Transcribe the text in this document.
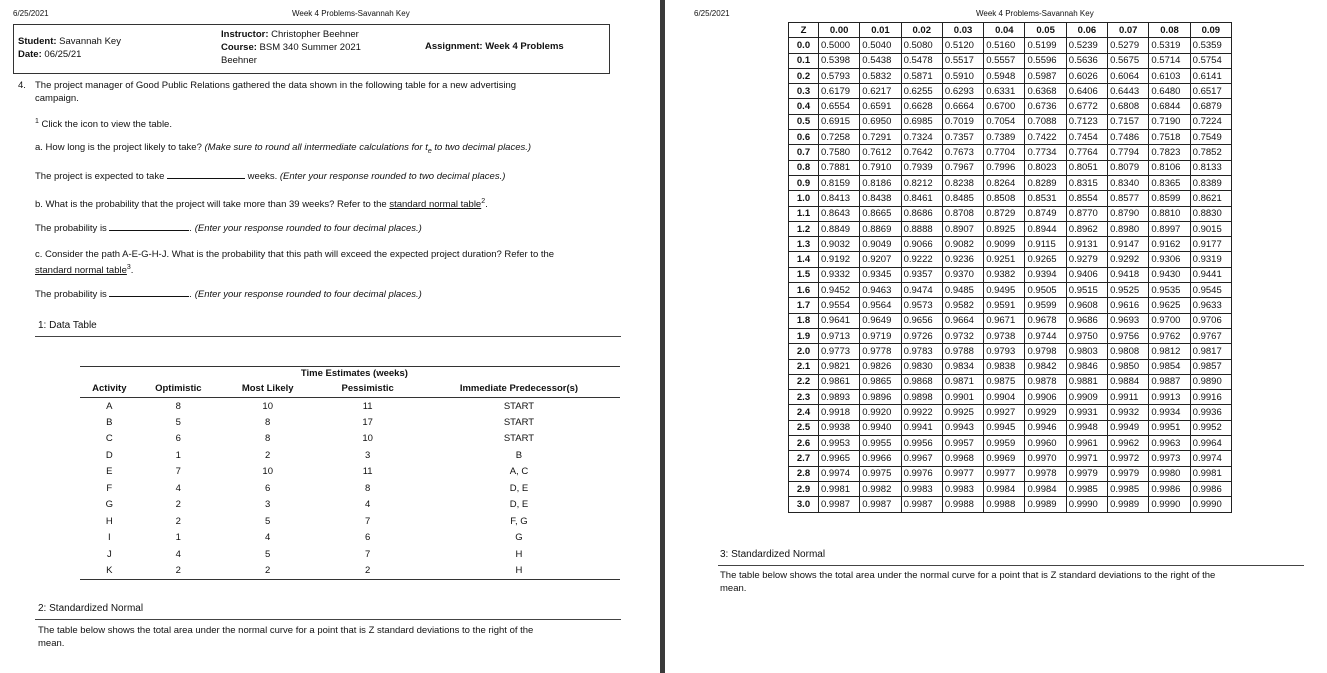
6/25/2021	Week 4 Problems-Savannah Key
Student: Savannah Key
Date: 06/25/21
Instructor: Christopher Beehner
Course: BSM 340 Summer 2021
Beehner
Assignment: Week 4 Problems
4. The project manager of Good Public Relations gathered the data shown in the following table for a new advertising
campaign.
$^1$ Click the icon to view the table.
a. How long is the project likely to take? (Make sure to round all intermediate calculations for $t_e$ to two decimal places.)
The project is expected to take	weeks. (Enter your response rounded to two decimal places.)
b. What is the probability that the project will take more than 39 weeks? Refer to the standard normal table$^2$.
The probability is	. (Enter your response rounded to four decimal places.)
c. Consider the path A-E-G-H-J. What is the probability that this path will exceed the expected project duration? Refer to the
standard normal table$^3$.
The probability is	. (Enter your response rounded to four decimal places.)
1: Data Table
		Time Estimates (weeks)		
Activity	Optimistic	Most Likely	Pessimistic	Immediate Predecessor(s)
A	8	10	11	START
B	5	8	17	START
C	6	8	10	START
D	1	2	3	B
E	7	10	11	A, C
F	4	6	8	D, E
G	2	3	4	D, E
H	2	5	7	F, G
I	1	4	6	G
J	4	5	7	H
K	2	2	2	H
2: Standardized Normal
The table below shows the total area under the normal curve for a point that is Z standard deviations to the right of the
mean.
6/25/2021	Week 4 Problems-Savannah Key
Z	0.00	0.01	0.02	0.03	0.04	0.05	0.06	0.07	0.08	0.09
0.0	0.5000	0.5040	0.5080	0.5120	0.5160	0.5199	0.5239	0.5279	0.5319	0.5359
0.1	0.5398	0.5438	0.5478	0.5517	0.5557	0.5596	0.5636	0.5675	0.5714	0.5754
0.2	0.5793	0.5832	0.5871	0.5910	0.5948	0.5987	0.6026	0.6064	0.6103	0.6141
0.3	0.6179	0.6217	0.6255	0.6293	0.6331	0.6368	0.6406	0.6443	0.6480	0.6517
0.4	0.6554	0.6591	0.6628	0.6664	0.6700	0.6736	0.6772	0.6808	0.6844	0.6879
0.5	0.6915	0.6950	0.6985	0.7019	0.7054	0.7088	0.7123	0.7157	0.7190	0.7224
0.6	0.7258	0.7291	0.7324	0.7357	0.7389	0.7422	0.7454	0.7486	0.7518	0.7549
0.7	0.7580	0.7612	0.7642	0.7673	0.7704	0.7734	0.7764	0.7794	0.7823	0.7852
0.8	0.7881	0.7910	0.7939	0.7967	0.7996	0.8023	0.8051	0.8079	0.8106	0.8133
0.9	0.8159	0.8186	0.8212	0.8238	0.8264	0.8289	0.8315	0.8340	0.8365	0.8389
1.0	0.8413	0.8438	0.8461	0.8485	0.8508	0.8531	0.8554	0.8577	0.8599	0.8621
1.1	0.8643	0.8665	0.8686	0.8708	0.8729	0.8749	0.8770	0.8790	0.8810	0.8830
1.2	0.8849	0.8869	0.8888	0.8907	0.8925	0.8944	0.8962	0.8980	0.8997	0.9015
1.3	0.9032	0.9049	0.9066	0.9082	0.9099	0.9115	0.9131	0.9147	0.9162	0.9177
1.4	0.9192	0.9207	0.9222	0.9236	0.9251	0.9265	0.9279	0.9292	0.9306	0.9319
1.5	0.9332	0.9345	0.9357	0.9370	0.9382	0.9394	0.9406	0.9418	0.9430	0.9441
1.6	0.9452	0.9463	0.9474	0.9485	0.9495	0.9505	0.9515	0.9525	0.9535	0.9545
1.7	0.9554	0.9564	0.9573	0.9582	0.9591	0.9599	0.9608	0.9616	0.9625	0.9633
1.8	0.9641	0.9649	0.9656	0.9664	0.9671	0.9678	0.9686	0.9693	0.9700	0.9706
1.9	0.9713	0.9719	0.9726	0.9732	0.9738	0.9744	0.9750	0.9756	0.9762	0.9767
2.0	0.9773	0.9778	0.9783	0.9788	0.9793	0.9798	0.9803	0.9808	0.9812	0.9817
2.1	0.9821	0.9826	0.9830	0.9834	0.9838	0.9842	0.9846	0.9850	0.9854	0.9857
2.2	0.9861	0.9865	0.9868	0.9871	0.9875	0.9878	0.9881	0.9884	0.9887	0.9890
2.3	0.9893	0.9896	0.9898	0.9901	0.9904	0.9906	0.9909	0.9911	0.9913	0.9916
2.4	0.9918	0.9920	0.9922	0.9925	0.9927	0.9929	0.9931	0.9932	0.9934	0.9936
2.5	0.9938	0.9940	0.9941	0.9943	0.9945	0.9946	0.9948	0.9949	0.9951	0.9952
2.6	0.9953	0.9955	0.9956	0.9957	0.9959	0.9960	0.9961	0.9962	0.9963	0.9964
2.7	0.9965	0.9966	0.9967	0.9968	0.9969	0.9970	0.9971	0.9972	0.9973	0.9974
2.8	0.9974	0.9975	0.9976	0.9977	0.9977	0.9978	0.9979	0.9979	0.9980	0.9981
2.9	0.9981	0.9982	0.9983	0.9983	0.9984	0.9984	0.9985	0.9985	0.9986	0.9986
3.0	0.9987	0.9987	0.9987	0.9988	0.9988	0.9989	0.9990	0.9989	0.9990	0.9990
3: Standardized Normal
The table below shows the total area under the normal curve for a point that is Z standard deviations to the right of the
mean.
